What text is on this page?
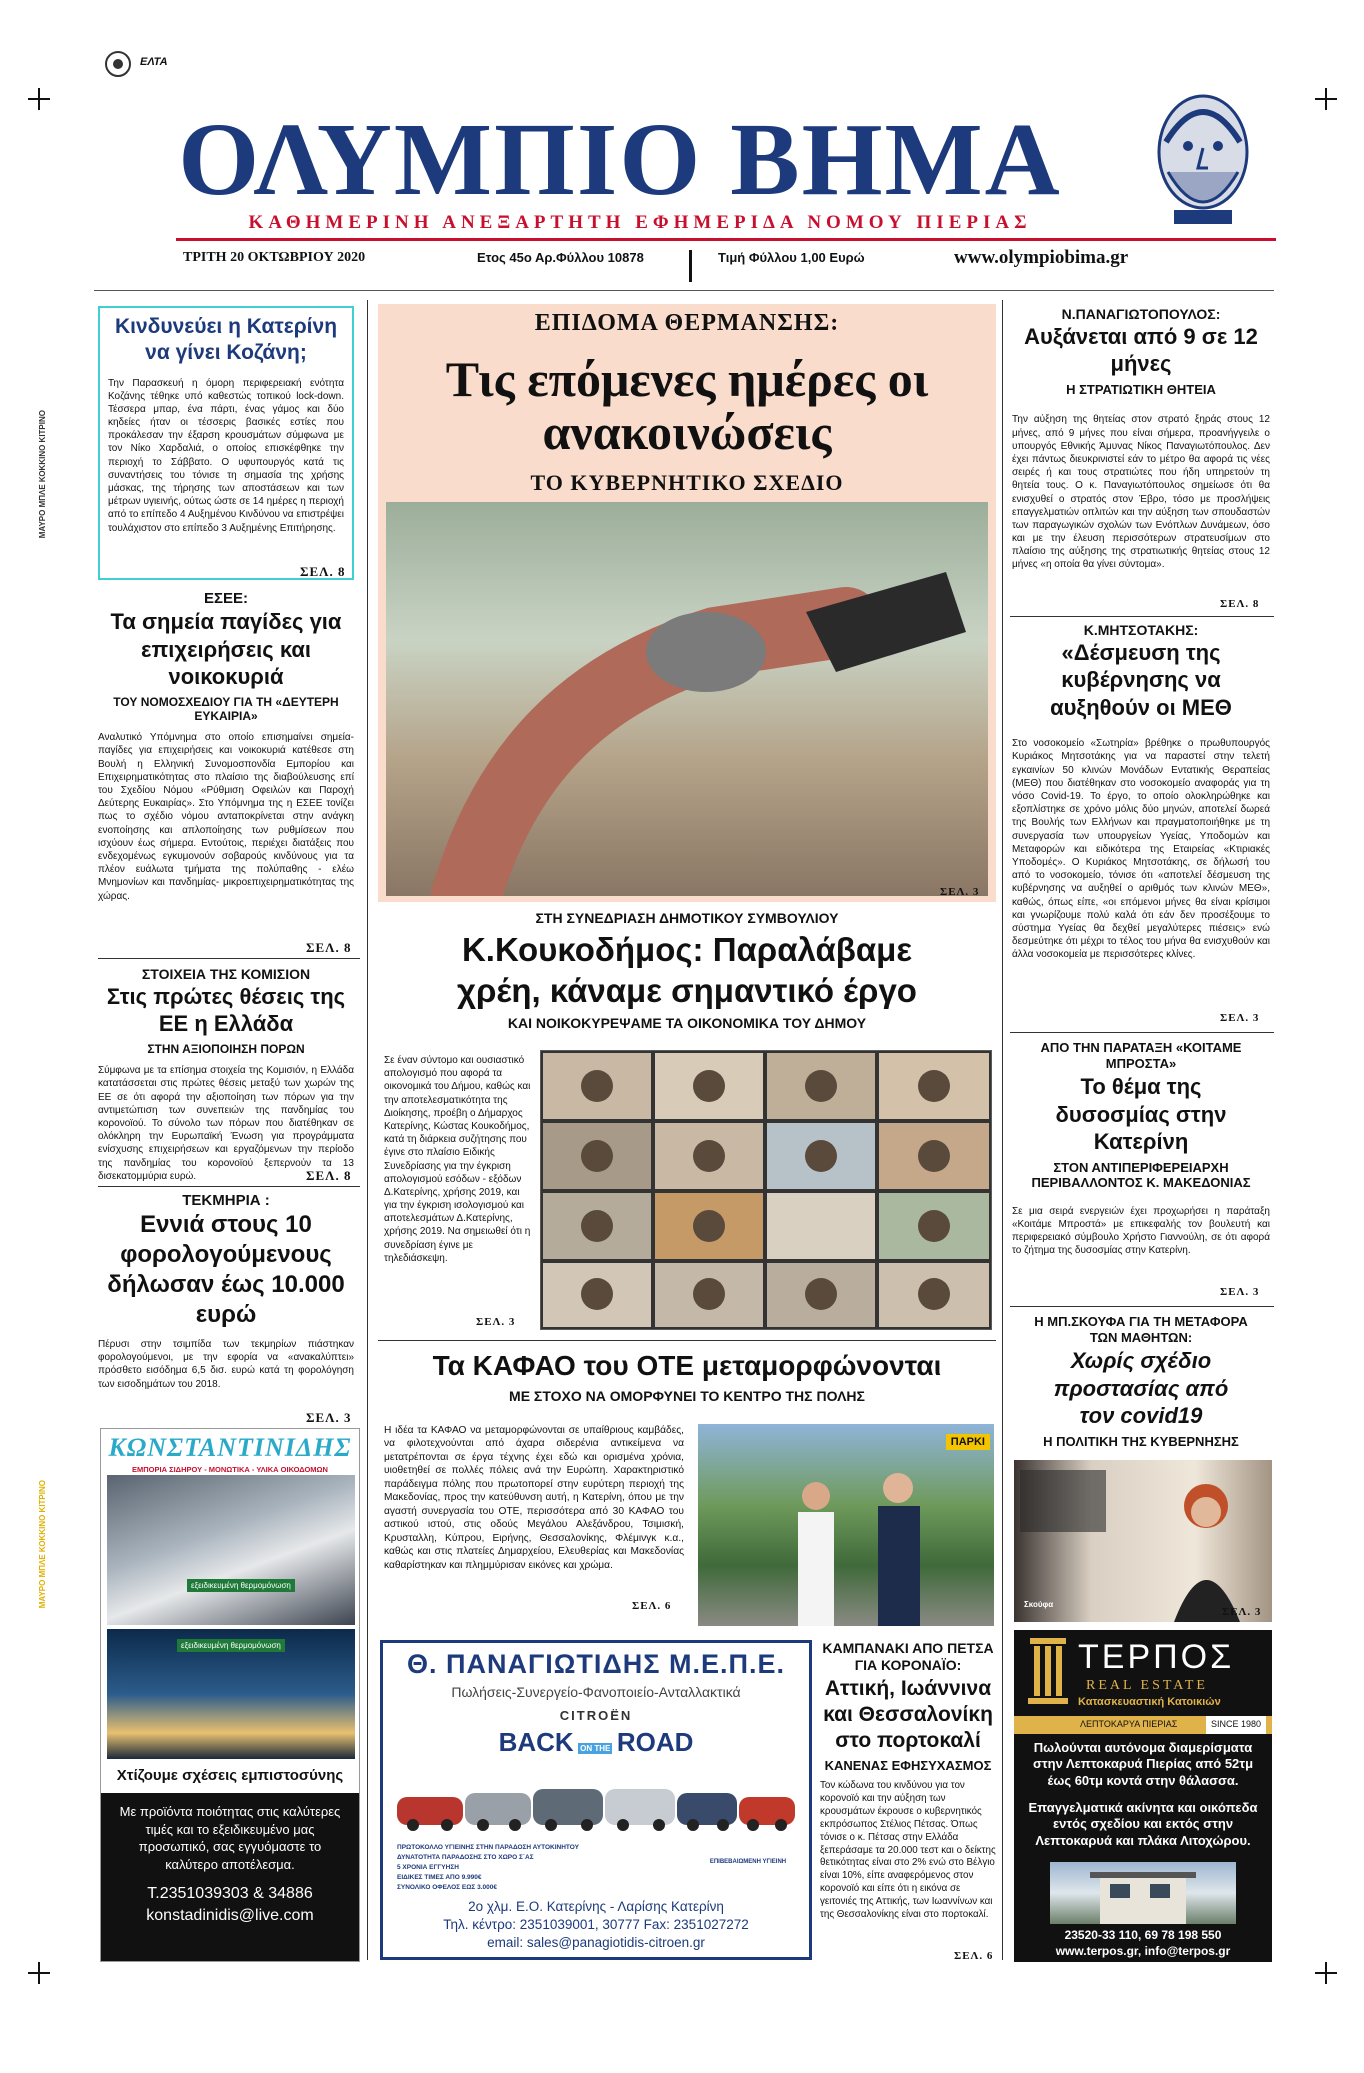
ΜΑΥΡΟ ΜΠΛΕ ΚΟΚΚΙΝΟ ΚΙΤΡΙΝΟ
ΜΑΥΡΟ ΜΠΛΕ ΚΟΚΚΙΝΟ ΚΙΤΡΙΝΟ
ΕΛΤΑ
ΟΛΥΜΠΙΟ ΒΗΜΑ
ΚΑΘΗΜΕΡΙΝΗ ΑΝΕΞΑΡΤΗΤΗ ΕΦΗΜΕΡΙΔΑ ΝΟΜΟΥ ΠΙΕΡΙΑΣ
ΤΡΙΤΗ 20 ΟΚΤΩΒΡΙΟΥ 2020	Ετος 45ο Αρ.Φύλλου 10878	Τιμή Φύλλου 1,00 Ευρώ	www.olympiobima.gr
Κινδυνεύει η Κατερίνη να γίνει Κοζάνη;
Την Παρασκευή η όμορη περιφερειακή ενότητα Κοζάνης τέθηκε υπό καθεστώς τοπικού lock-down. Τέσσερα μπαρ, ένα πάρτι, ένας γάμος και δύο κηδείες ήταν οι τέσσερις βασικές εστίες που προκάλεσαν την έξαρση κρουσμάτων σύμφωνα με τον Νίκο Χαρδαλιά, ο οποίος επισκέφθηκε την περιοχή το Σάββατο. Ο υφυπουργός κατά τις συναντήσεις του τόνισε τη σημασία της χρήσης μάσκας, της τήρησης των αποστάσεων και των μέτρων υγιεινής, ούτως ώστε σε 14 ημέρες η περιοχή από το επίπεδο 4 Αυξημένου Κινδύνου να επιστρέψει τουλάχιστον στο επίπεδο 3 Αυξημένης Επιτήρησης.
ΣΕΛ. 8
ΕΣΕΕ:
Τα σημεία παγίδες για επιχειρήσεις και νοικοκυριά
ΤΟΥ ΝΟΜΟΣΧΕΔΙΟΥ ΓΙΑ ΤΗ «ΔΕΥΤΕΡΗ ΕΥΚΑΙΡΙΑ»
Αναλυτικό Υπόμνημα στο οποίο επισημαίνει σημεία-παγίδες για επιχειρήσεις και νοικοκυριά κατέθεσε στη Βουλή η Ελληνική Συνομοσπονδία Εμπορίου και Επιχειρηματικότητας στο πλαίσιο της διαβούλευσης επί του Σχεδίου Νόμου «Ρύθμιση Οφειλών και Παροχή Δεύτερης Ευκαιρίας». Στο Υπόμνημα της η ΕΣΕΕ τονίζει πως το σχέδιο νόμου ανταποκρίνεται στην ανάγκη ενοποίησης και απλοποίησης των ρυθμίσεων που ισχύουν έως σήμερα. Εντούτοις, περιέχει διατάξεις που ενδεχομένως εγκυμονούν σοβαρούς κινδύνους για τα πλέον ευάλωτα τμήματα της πολύπαθης - ελέω Μνημονίων και πανδημίας- μικροεπιχειρηματικότητας της χώρας.
ΣΕΛ. 8
ΣΤΟΙΧΕΙΑ ΤΗΣ ΚΟΜΙΣΙΟΝ
Στις πρώτες θέσεις της ΕΕ η Ελλάδα
ΣΤΗΝ ΑΞΙΟΠΟΙΗΣΗ ΠΟΡΩΝ
Σύμφωνα με τα επίσημα στοιχεία της Κομισιόν, η Ελλάδα κατατάσσεται στις πρώτες θέσεις μεταξύ των χωρών της ΕΕ σε ότι αφορά την αξιοποίηση των πόρων για την αντιμετώπιση των συνεπειών της πανδημίας του κορονοϊού. Το σύνολο των πόρων που διατέθηκαν σε ολόκληρη την Ευρωπαϊκή Ένωση για προγράμματα ενίσχυσης επιχειρήσεων και εργαζόμενων την περίοδο της πανδημίας του κορονοϊού ξεπερνούν τα 13 δισεκατομμύρια ευρώ.	ΣΕΛ. 8
ΤΕΚΜΗΡΙΑ :
Εννιά στους 10 φορολογούμενους δήλωσαν έως 10.000 ευρώ
Πέρυσι στην τσιμπίδα των τεκμηρίων πιάστηκαν φορολογούμενοι, με την εφορία να «ανακαλύπτει» πρόσθετο εισόδημα 6,5 δισ. ευρώ κατά τη φορολόγηση των εισοδημάτων του 2018.
ΣΕΛ. 3
ΚΩΝΣΤΑΝΤΙΝΙΔΗΣ
ΕΜΠΟΡΙΑ ΣΙΔΗΡΟΥ - ΜΟΝΩΤΙΚΑ - ΥΛΙΚΑ ΟΙΚΟΔΟΜΩΝ
εξειδικευμένη θερμομόνωση
εξειδικευμένη θερμομόνωση
Χτίζουμε σχέσεις εμπιστοσύνης
Με προϊόντα ποιότητας στις καλύτερες τιμές και το εξειδικευμένο μας προσωπικό, σας εγγυόμαστε το καλύτερο αποτέλεσμα.
Τ.2351039303 & 34886
konstadinidis@live.com
ΕΠΙΔΟΜΑ ΘΕΡΜΑΝΣΗΣ:
Τις επόμενες ημέρες οι ανακοινώσεις
ΤΟ ΚΥΒΕΡΝΗΤΙΚΟ ΣΧΕΔΙΟ
ΣΕΛ. 3
ΣΤΗ ΣΥΝΕΔΡΙΑΣΗ ΔΗΜΟΤΙΚΟΥ ΣΥΜΒΟΥΛΙΟΥ
Κ.Κουκοδήμος: Παραλάβαμε χρέη, κάναμε σημαντικό έργο
ΚΑΙ ΝΟΙΚΟΚΥΡΕΨΑΜΕ ΤΑ ΟΙΚΟΝΟΜΙΚΑ ΤΟΥ ΔΗΜΟΥ
Σε έναν σύντομο και ουσιαστικό απολογισμό που αφορά τα οικονομικά του Δήμου, καθώς και την αποτελεσματικότητα της Διοίκησης, προέβη ο Δήμαρχος Κατερίνης, Κώστας Κουκοδήμος, κατά τη διάρκεια συζήτησης που έγινε στο πλαίσιο Ειδικής Συνεδρίασης για την έγκριση απολογισμού εσόδων - εξόδων Δ.Κατερίνης, χρήσης 2019, και για την έγκριση ισολογισμού και αποτελεσμάτων Δ.Κατερίνης, χρήσης 2019. Να σημειωθεί ότι η συνεδρίαση έγινε με τηλεδιάσκεψη.
ΣΕΛ. 3
Τα ΚΑΦΑΟ του ΟΤΕ μεταμορφώνονται
ΜΕ ΣΤΟΧΟ ΝΑ ΟΜΟΡΦΥΝΕΙ ΤΟ ΚΕΝΤΡΟ ΤΗΣ ΠΟΛΗΣ
Η ιδέα τα ΚΑΦΑΟ να μεταμορφώνονται σε υπαίθριους καμβάδες, να φιλοτεχνούνται από άχαρα σιδερένια αντικείμενα να μετατρέπονται σε έργα τέχνης έχει εδώ και ορισμένα χρόνια, υιοθετηθεί σε πολλές πόλεις ανά την Ευρώπη. Χαρακτηριστικό παράδειγμα πόλης που πρωτοπορεί στην ευρύτερη περιοχή της Μακεδονίας, προς την κατεύθυνση αυτή, η Κατερίνη, όπου με την αγαστή συνεργασία του ΟΤΕ, περισσότερα από 30 ΚΑΦΑΟ του αστικού ιστού, στις οδούς Μεγάλου Αλεξάνδρου, Τσιμισκή, Κρυσταλλη, Κύπρου, Ειρήνης, Θεσσαλονίκης, Φλέμινγκ κ.α., καθώς και στις πλατείες Δημαρχείου, Ελευθερίας και Μακεδονίας καθαρίστηκαν και πλημμύρισαν εικόνες και χρώμα.
ΣΕΛ. 6
ΠΑΡΚΙ
Θ. ΠΑΝΑΓΙΩΤΙΔΗΣ Μ.Ε.Π.Ε.
Πωλήσεις-Συνεργείο-Φανοποιείο-Ανταλλακτικά
CITROËN
BACK ON THE ROAD
ΠΡΩΤΟΚΟΛΛΟ ΥΓΙΕΙΝΗΣ ΣΤΗΝ ΠΑΡΑΔΟΣΗ ΑΥΤΟΚΙΝΗΤΟΥ
ΔΥΝΑΤΟΤΗΤΑ ΠΑΡΑΔΟΣΗΣ ΣΤΟ ΧΩΡΟ Σ΄ΑΣ
5 ΧΡΟΝΙΑ ΕΓΓΥΗΣΗ
ΕΙΔΙΚΕΣ ΤΙΜΕΣ ΑΠΟ 9.990€
ΣΥΝΟΛΙΚΟ ΟΦΕΛΟΣ ΕΩΣ 3.000€
ΕΠΙΒΕΒΑΙΩΜΕΝΗ ΥΓΙΕΙΝΗ
2ο χλμ. Ε.Ο. Κατερίνης - Λαρίσης Κατερίνη
Τηλ. κέντρο: 2351039001, 30777 Fax: 2351027272
email: sales@panagiotidis-citroen.gr
ΚΑΜΠΑΝΑΚΙ ΑΠΟ ΠΕΤΣΑ ΓΙΑ ΚΟΡΟΝΑΪΟ:
Αττική, Ιωάννινα και Θεσσαλονίκη στο πορτοκαλί
ΚΑΝΕΝΑΣ ΕΦΗΣΥΧΑΣΜΟΣ
Τον κώδωνα του κινδύνου για τον κορονοϊό και την αύξηση των κρουσμάτων έκρουσε ο κυβερνητικός εκπρόσωπος Στέλιος Πέτσας. Όπως τόνισε ο κ. Πέτσας στην Ελλάδα ξεπεράσαμε τα 20.000 τεστ και ο δείκτης θετικότητας είναι στο 2% ενώ στο Βέλγιο είναι 10%, είπε αναφερόμενος στον κορονοϊό και είπε ότι η εικόνα σε γειτονιές της Αττικής, των Ιωαννίνων και της Θεσσαλονίκης είναι στο πορτοκαλί.
ΣΕΛ. 6
Ν.ΠΑΝΑΓΙΩΤΟΠΟΥΛΟΣ:
Αυξάνεται από 9 σε 12 μήνες
Η ΣΤΡΑΤΙΩΤΙΚΗ ΘΗΤΕΙΑ
Την αύξηση της θητείας στον στρατό ξηράς στους 12 μήνες, από 9 μήνες που είναι σήμερα, προανήγγειλε ο υπουργός Εθνικής Άμυνας Νίκος Παναγιωτόπουλος. Δεν έχει πάντως διευκρινιστεί εάν το μέτρο θα αφορά τις νέες σειρές ή και τους στρατιώτες που ήδη υπηρετούν τη θητεία τους. Ο κ. Παναγιωτόπουλος σημείωσε ότι θα ενισχυθεί ο στρατός στον Έβρο, τόσο με προσλήψεις επαγγελματιών οπλιτών και την αύξηση των σπουδαστών των παραγωγικών σχολών των Ενόπλων Δυνάμεων, όσο και με την έλευση περισσότερων στρατευσίμων στο πλαίσιο της αύξησης της στρατιωτικής θητείας στους 12 μήνες «η οποία θα γίνει σύντομα».
ΣΕΛ. 8
Κ.ΜΗΤΣΟΤΑΚΗΣ:
«Δέσμευση της κυβέρνησης να αυξηθούν οι ΜΕΘ
Στο νοσοκομείο «Σωτηρία» βρέθηκε ο πρωθυπουργός Κυριάκος Μητσοτάκης για να παραστεί στην τελετή εγκαινίων 50 κλινών Μονάδων Εντατικής Θεραπείας (ΜΕΘ) που διατέθηκαν στο νοσοκομείο αναφοράς για τη νόσο Covid-19. Το έργο, το οποίο ολοκληρώθηκε και εξοπλίστηκε σε χρόνο μόλις δύο μηνών, αποτελεί δωρεά της Βουλής των Ελλήνων και πραγματοποιήθηκε με τη συνεργασία των υπουργείων Υγείας, Υποδομών και Μεταφορών και ειδικότερα της Εταιρείας «Κτιριακές Υποδομές». Ο Κυριάκος Μητσοτάκης, σε δήλωσή του από το νοσοκομείο, τόνισε ότι «αποτελεί δέσμευση της κυβέρνησης να αυξηθεί ο αριθμός των κλινών ΜΕΘ», καθώς, όπως είπε, «οι επόμενοι μήνες θα είναι κρίσιμοι και γνωρίζουμε πολύ καλά ότι εάν δεν προσέξουμε το σύστημα Υγείας θα δεχθεί μεγαλύτερες πιέσεις» ενώ δεσμεύτηκε ότι μέχρι το τέλος του μήνα θα ενισχυθούν και άλλα νοσοκομεία με περισσότερες κλίνες.
ΣΕΛ. 3
ΑΠΟ ΤΗΝ ΠΑΡΑΤΑΞΗ «ΚΟΙΤΑΜΕ ΜΠΡΟΣΤΑ»
Το θέμα της δυσοσμίας στην Κατερίνη
ΣΤΟΝ ΑΝΤΙΠΕΡΙΦΕΡΕΙΑΡΧΗ ΠΕΡΙΒΑΛΛΟΝΤΟΣ Κ. ΜΑΚΕΔΟΝΙΑΣ
Σε μια σειρά ενεργειών έχει προχωρήσει η παράταξη «Κοιτάμε Μπροστά» με επικεφαλής τον βουλευτή και περιφερειακό σύμβουλο Χρήστο Γιαννούλη, σε ότι αφορά το ζήτημα της δυσοσμίας στην Κατερίνη.
ΣΕΛ. 3
Η ΜΠ.ΣΚΟΥΦΑ ΓΙΑ ΤΗ ΜΕΤΑΦΟΡΑ ΤΩΝ ΜΑΘΗΤΩΝ:
Χωρίς σχέδιο προστασίας από τον covid19
Η ΠΟΛΙΤΙΚΗ ΤΗΣ ΚΥΒΕΡΝΗΣΗΣ
Σκούφα
ΣΕΛ. 3
ΤΕΡΠΟΣ
REAL ESTATE
Κατασκευαστική Κατοικιών
ΛΕΠΤΟΚΑΡΥΑ ΠΙΕΡΙΑΣ	SINCE 1980
Πωλούνται αυτόνομα διαμερίσματα στην Λεπτοκαρυά Πιερίας από 52τμ έως 60τμ κοντά στην θάλασσα.
Επαγγελματικά ακίνητα και οικόπεδα εντός σχεδίου και εκτός στην Λεπτοκαρυά και πλάκα Λιτοχώρου.
23520-33 110, 69 78 198 550
www.terpos.gr, info@terpos.gr
